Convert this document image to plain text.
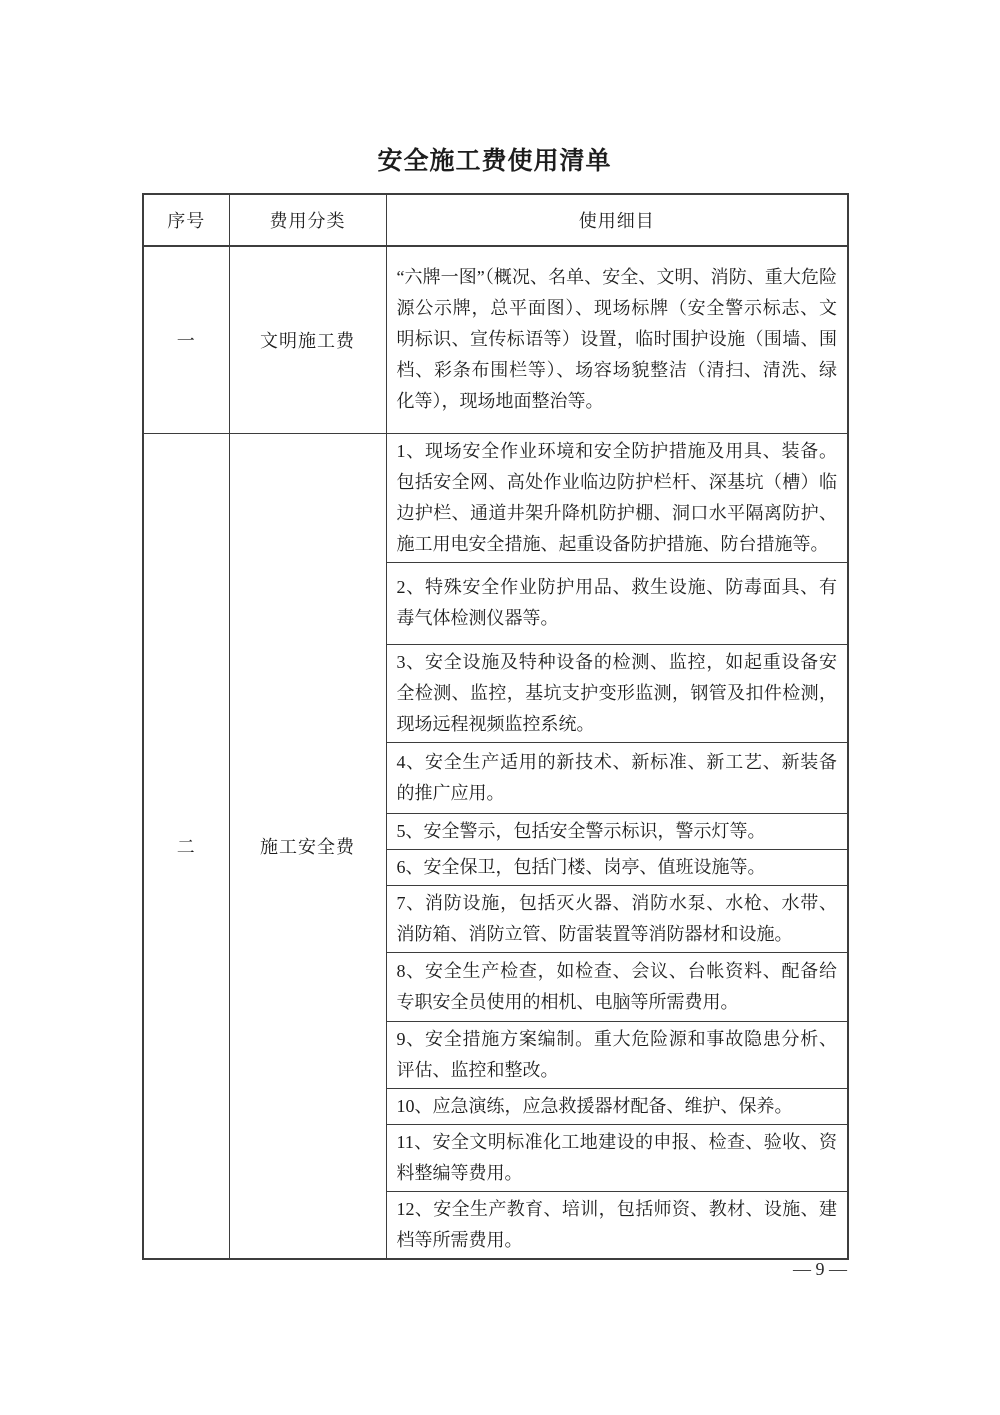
安全施工费使用清单
序号	费用分类	使用细目
一	文明施工费	“六牌一图”（概况、名单、安全、文明、消防、重大危险源公示牌，总平面图）、现场标牌（安全警示标志、文明标识、宣传标语等）设置，临时围护设施（围墙、围档、彩条布围栏等）、场容场貌整洁（清扫、清洗、绿化等），现场地面整治等。
二	施工安全费	1、现场安全作业环境和安全防护措施及用具、装备。包括安全网、高处作业临边防护栏杆、深基坑（槽）临边护栏、通道井架升降机防护棚、洞口水平隔离防护、施工用电安全措施、起重设备防护措施、防台措施等。
		2、特殊安全作业防护用品、救生设施、防毒面具、有毒气体检测仪器等。
		3、安全设施及特种设备的检测、监控，如起重设备安全检测、监控，基坑支护变形监测，钢管及扣件检测，现场远程视频监控系统。
		4、安全生产适用的新技术、新标准、新工艺、新装备的推广应用。
		5、安全警示，包括安全警示标识，警示灯等。
		6、安全保卫，包括门楼、岗亭、值班设施等。
		7、消防设施，包括灭火器、消防水泵、水枪、水带、消防箱、消防立管、防雷装置等消防器材和设施。
		8、安全生产检查，如检查、会议、台帐资料、配备给专职安全员使用的相机、电脑等所需费用。
		9、安全措施方案编制。重大危险源和事故隐患分析、评估、监控和整改。
		10、应急演练，应急救援器材配备、维护、保养。
		11、安全文明标准化工地建设的申报、检查、验收、资料整编等费用。
		12、安全生产教育、培训，包括师资、教材、设施、建档等所需费用。
— 9 —
